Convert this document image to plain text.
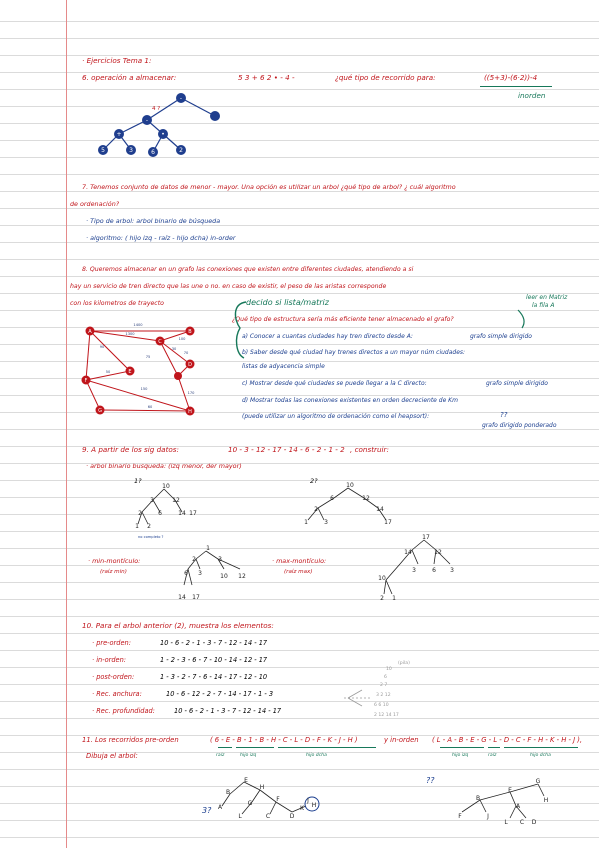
· Ejercicios Tema 1:
6. operación a almacenar:	5 3 + 6 2 • - 4 -	¿qué tipo de recorrido para:	((5+3)-(6·2))-4
inorden
-
-
+	•
5	3	6	2
4 ?
7. Tenemos conjunto de datos de menor - mayor. Una opción es utilizar un arbol ¿qué tipo de arbol? ¿ cuál algoritmo
de ordenación?
· Tipo de arbol: arbol binario de búsqueda
· algoritmo: ( hijo izq - raíz - hijo dcha) in-order
8. Queremos almacenar en un grafo las conexiones que existen entre diferentes ciudades, atendiendo a si
hay un servicio de tren directo que las une o no. en caso de existir, el peso de las aristas corresponde
con los kilometros de trayecto	decido si lista/matriz
leer en Matriz
la fila A
¿Qué tipo de estructura sería más eficiente tener almacenado el grafo?
a) Conocer a cuantas ciudades hay tren directo desde A:	grafo simple dirigido
b) Saber desde qué ciudad hay trenes directos a un mayor núm ciudades:
listas de adyacencia simple
c) Mostrar desde qué ciudades se puede llegar a la C directo:	grafo simple dirigido
d) Mostrar todas las conexiones existentes en orden decreciente de Km
(puede utilizar un algoritmo de ordenación como el heapsort):	??
grafo dirigido ponderado
A	B
C
D
E
F
G	H
1400
1300
90
100
30
70
50
75
150
60
170
9. A partir de los sig datos:	10 - 3 - 12 - 17 - 14 - 6 - 2 - 1 - 2 , construir:
· arbol binario busqueda: (izq menor, der mayor)
1?	2?
10
3	12
2	6	14 17
1 2
no completo ?
10
6	12
2	14
1	3	17
· min-montículo:
(raíz min)
1
2	3
6 3	10 12
14 17
· max-montículo:
(raíz max)
17
14	12
10
3	6 3
2 1
10. Para el arbol anterior (2), muestra los elementos:
· pre-orden:	10 - 6 - 2 - 1 - 3 - 7 - 12 - 14 - 17
· in-orden:	1 - 2 - 3 - 6 - 7 - 10 - 14 - 12 - 17
· post-orden:	1 - 3 - 2 - 7 - 6 - 14 - 17 - 12 - 10
· Rec. anchura:	10 - 6 - 12 - 2 - 7 - 14 - 17 - 1 - 3
· Rec. profundidad:	10 - 6 - 2 - 1 - 3 - 7 - 12 - 14 - 17
(pila)
10
6
2 7
3 2 12
6 6 10
2 12 14 17
11. Los recorridos pre-orden	( 6 - E - B - 1 - B - H - C - L - D - F - K - J - H )	y in-orden ( L - A - B - E - G - L - D - C - F - H - K - H - J ),
Dibuja el arbol:	raíz	hijo izq	hijo dcha	hijo izq	raíz	hijo dcha
3?
??
E
B
H
A
G
F
L	C	D
K
J
H
G
H
B
E
F	J
A
L C D
